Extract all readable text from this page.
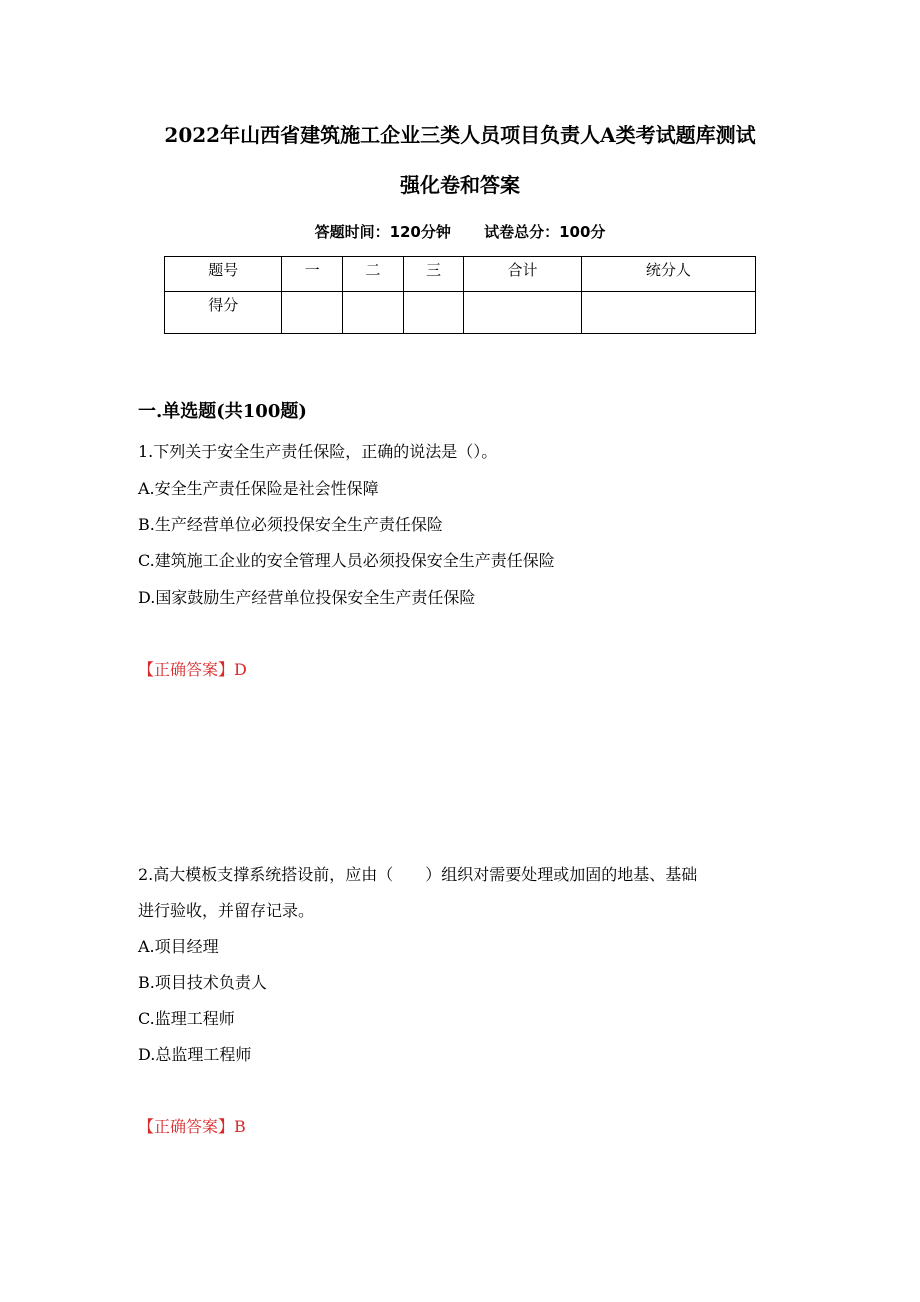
2022年山西省建筑施工企业三类人员项目负责人A类考试题库测试
强化卷和答案
答题时间：120分钟 试卷总分：100分
题号	一	二	三	合计	统分人
得分					
一.单选题(共100题)
1.下列关于安全生产责任保险，正确的说法是（）。
A.安全生产责任保险是社会性保障
B.生产经营单位必须投保安全生产责任保险
C.建筑施工企业的安全管理人员必须投保安全生产责任保险
D.国家鼓励生产经营单位投保安全生产责任保险
【正确答案】D
2.高大模板支撑系统搭设前，应由（　　）组织对需要处理或加固的地基、基础
进行验收，并留存记录。
A.项目经理
B.项目技术负责人
C.监理工程师
D.总监理工程师
【正确答案】B
